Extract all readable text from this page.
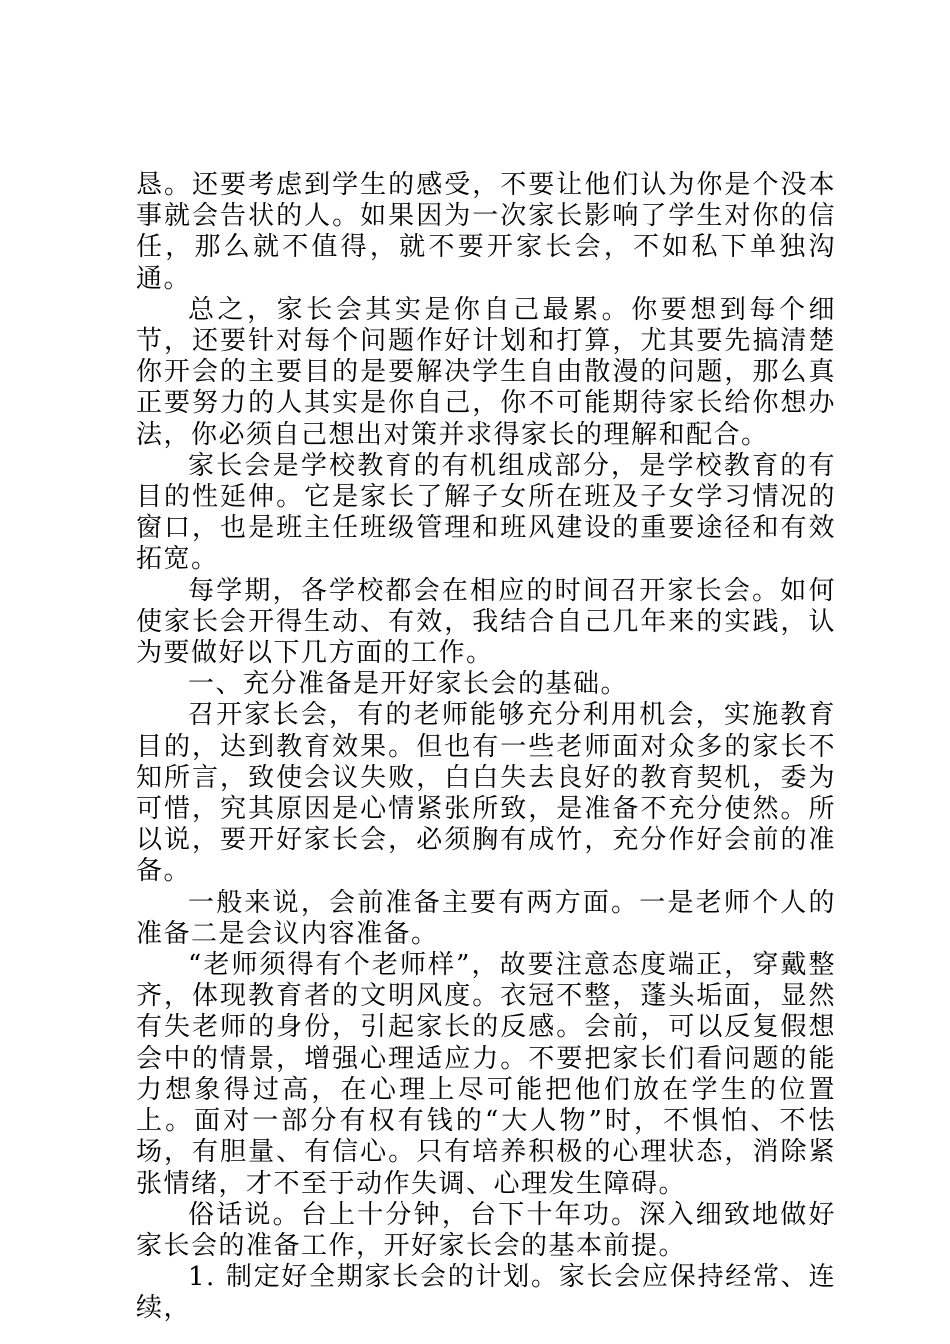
恳。还要考虑到学生的感受，不要让他们认为你是个没本事就会告状的人。如果因为一次家长影响了学生对你的信任，那么就不值得，就不要开家长会，不如私下单独沟通。

总之，家长会其实是你自己最累。你要想到每个细节，还要针对每个问题作好计划和打算，尤其要先搞清楚你开会的主要目的是要解决学生自由散漫的问题，那么真正要努力的人其实是你自己，你不可能期待家长给你想办法，你必须自己想出对策并求得家长的理解和配合。

家长会是学校教育的有机组成部分，是学校教育的有目的性延伸。它是家长了解子女所在班及子女学习情况的窗口，也是班主任班级管理和班风建设的重要途径和有效拓宽。

每学期，各学校都会在相应的时间召开家长会。如何使家长会开得生动、有效，我结合自己几年来的实践，认为要做好以下几方面的工作。

一、充分准备是开好家长会的基础。

召开家长会，有的老师能够充分利用机会，实施教育目的，达到教育效果。但也有一些老师面对众多的家长不知所言，致使会议失败，白白失去良好的教育契机，委为可惜，究其原因是心情紧张所致，是准备不充分使然。所以说，要开好家长会，必须胸有成竹，充分作好会前的准备。

一般来说，会前准备主要有两方面。一是老师个人的准备二是会议内容准备。

“老师须得有个老师样”，故要注意态度端正，穿戴整齐，体现教育者的文明风度。衣冠不整，蓬头垢面，显然有失老师的身份，引起家长的反感。会前，可以反复假想会中的情景，增强心理适应力。不要把家长们看问题的能力想象得过高，在心理上尽可能把他们放在学生的位置上。面对一部分有权有钱的“大人物”时，不惧怕、不怯场，有胆量、有信心。只有培养积极的心理状态，消除紧张情绪，才不至于动作失调、心理发生障碍。

俗话说。台上十分钟，台下十年功。深入细致地做好家长会的准备工作，开好家长会的基本前提。

1. 制定好全期家长会的计划。家长会应保持经常、连续，
